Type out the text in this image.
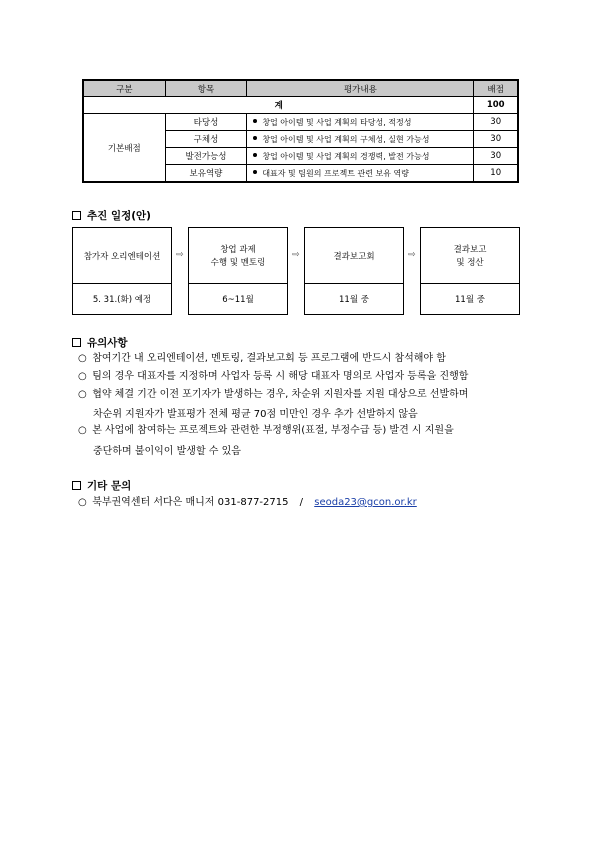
구분	항목	평가내용	배점
계			100
기본배점	타당성	창업 아이템 및 사업 계획의 타당성, 적정성	30
	구체성	창업 아이템 및 사업 계획의 구체성, 실현 가능성	30
	발전가능성	창업 아이템 및 사업 계획의 경쟁력, 발전 가능성	30
	보유역량	대표자 및 팀원의 프로젝트 관련 보유 역량	10
추진 일정(안)
참가자 오리엔테이션
5. 31.(화) 예정
⇨	창업 과제
수행 및 멘토링
6~11월
⇨	결과보고회
11월 중
⇨	결과보고
및 정산
11월 중
유의사항
○ 참여기간 내 오리엔테이션, 멘토링, 결과보고회 등 프로그램에 반드시 참석해야 함
○ 팀의 경우 대표자를 지정하며 사업자 등록 시 해당 대표자 명의로 사업자 등록을 진행함
○ 협약 체결 기간 이전 포기자가 발생하는 경우, 차순위 지원자를 지원 대상으로 선발하며
차순위 지원자가 발표평가 전체 평균 70점 미만인 경우 추가 선발하지 않음
○ 본 사업에 참여하는 프로젝트와 관련한 부정행위(표절, 부정수급 등) 발견 시 지원을
중단하며 불이익이 발생할 수 있음
기타 문의
○ 북부권역센터 서다은 매니저 031-877-2715 / seoda23@gcon.or.kr
